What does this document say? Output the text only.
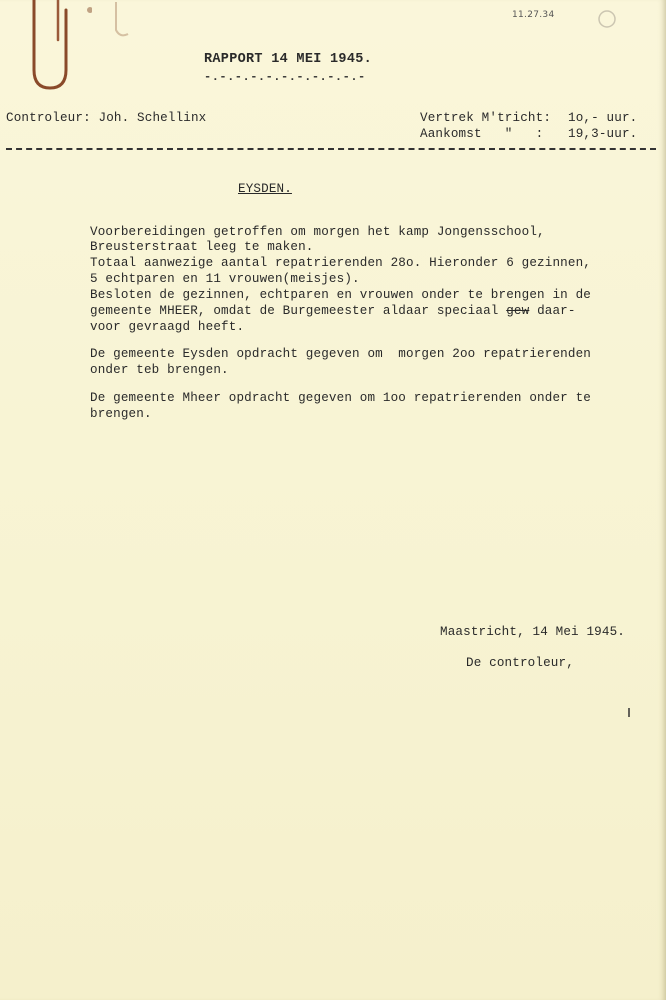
11.27.34
RAPPORT 14 MEI 1945.
-.-.-.-.-.-.-.-.-.-.-
Controleur: Joh. Schellinx	Vertrek M'tricht: 1o,- uur.
Aankomst   "   : 19,3-uur.
EYSDEN.
Voorbereidingen getroffen om morgen het kamp Jongensschool,
Breusterstraat leeg te maken.
Totaal aanwezige aantal repatrierenden 28o. Hieronder 6 gezinnen,
5 echtparen en 11 vrouwen(meisjes).
Besloten de gezinnen, echtparen en vrouwen onder te brengen in de
gemeente MHEER, omdat de Burgemeester aldaar speciaal gew daar-
voor gevraagd heeft.
De gemeente Eysden opdracht gegeven om  morgen 2oo repatrierenden
onder teb brengen.
De gemeente Mheer opdracht gegeven om 1oo repatrierenden onder te
brengen.
Maastricht, 14 Mei 1945.
De controleur,
